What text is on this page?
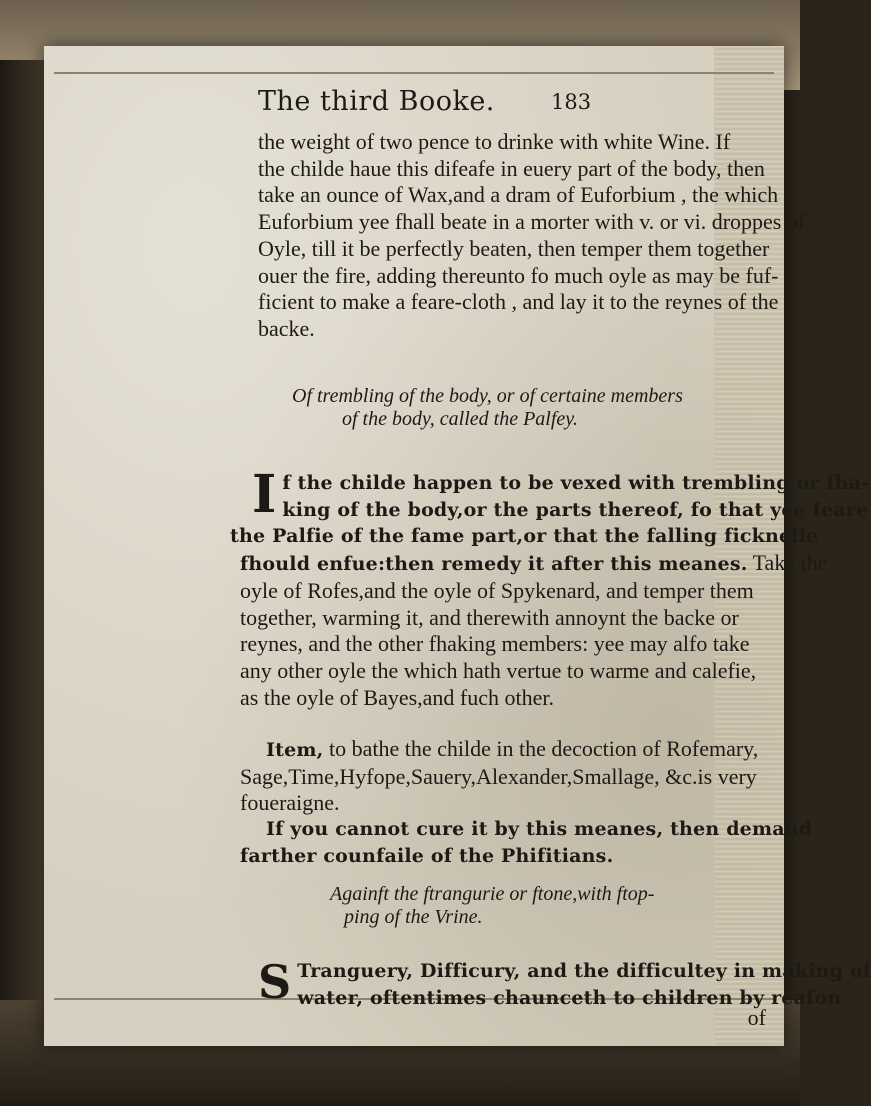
The third Booke.	183
the weight of two pence to drinke with white Wine. If
the childe haue this difeafe in euery part of the body, then
take an ounce of Wax,and a dram of Euforbium , the which
Euforbium yee fhall beate in a morter with v. or vi. droppes of
Oyle, till it be perfectly beaten, then temper them together
ouer the fire, adding thereunto fo much oyle as may be fuf-
ficient to make a feare-cloth , and lay it to the reynes of the
backe.
Of trembling of the body, or of certaine members
of the body, called the Palfey.
I f the childe happen to be vexed with trembling or fha-
king of the body,or the parts thereof, fo that yee feare
the Palfie of the fame part,or that the falling ficknelle
fhould enfue:then remedy it after this meanes. Take the
oyle of Rofes,and the oyle of Spykenard, and temper them
together, warming it, and therewith annoynt the backe or
reynes, and the other fhaking members: yee may alfo take
any other oyle the which hath vertue to warme and calefie,
as the oyle of Bayes,and fuch other.
Item, to bathe the childe in the decoction of Rofemary,
Sage,Time,Hyfope,Sauery,Alexander,Smallage, &c.is very
foueraigne.
If you cannot cure it by this meanes, then demand
farther counfaile of the Phifitians.
Againft the ftrangurie or ftone,with ftop-
ping of the Vrine.
S Tranguery, Difficury, and the difficultey in making of
water, oftentimes chaunceth to children by reafon
of
